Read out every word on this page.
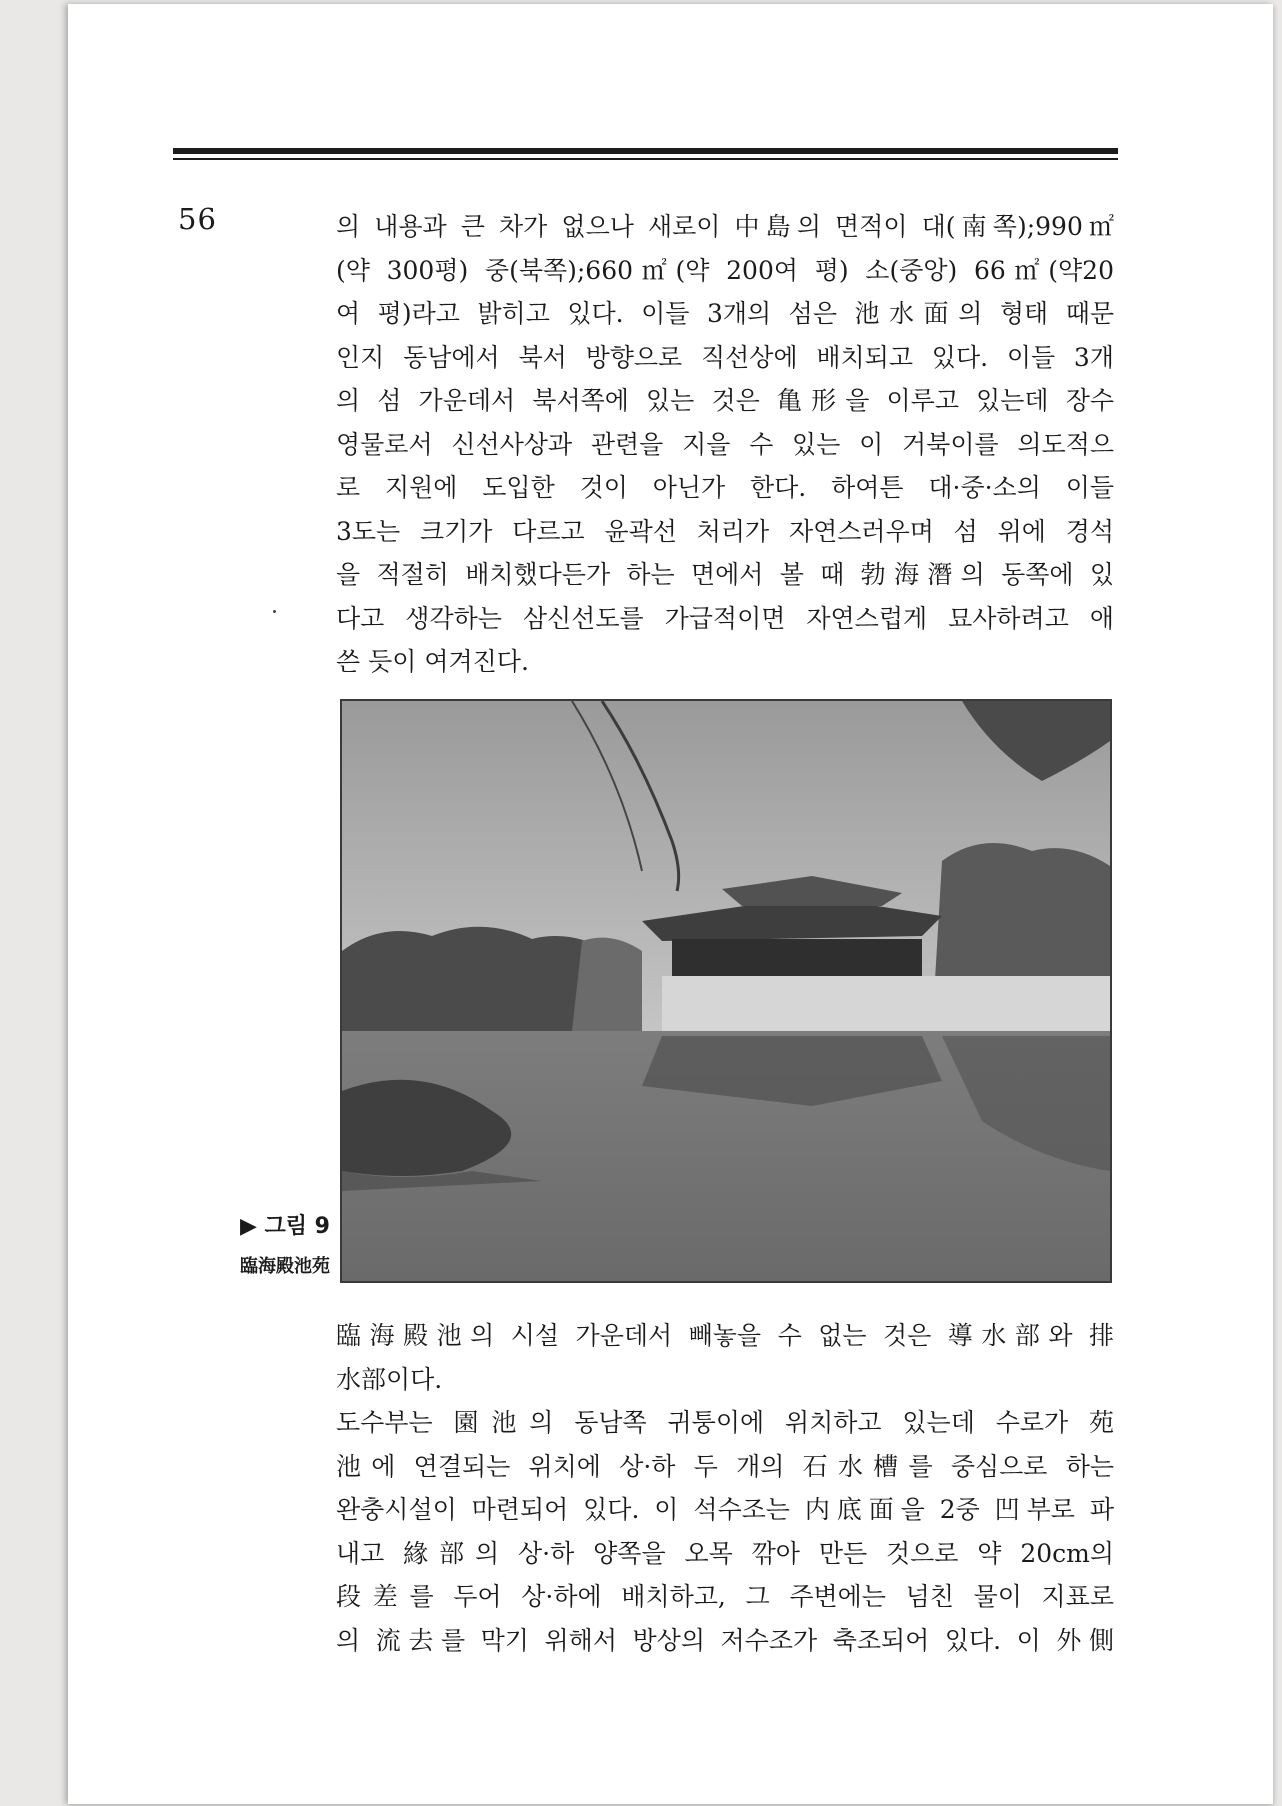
56	의 내용과 큰 차가 없으나 새로이 中島의 면적이 대(南쪽);990㎡
(약 300평) 중(북쪽);660㎡(약 200여 평) 소(중앙) 66㎡(약20
여 평)라고 밝히고 있다. 이들 3개의 섬은 池水面의 형태 때문
인지 동남에서 북서 방향으로 직선상에 배치되고 있다. 이들 3개
의 섬 가운데서 북서쪽에 있는 것은 亀形을 이루고 있는데 장수
영물로서 신선사상과 관련을 지을 수 있는 이 거북이를 의도적으
로 지원에 도입한 것이 아닌가 한다. 하여튼 대·중·소의 이들
3도는 크기가 다르고 윤곽선 처리가 자연스러우며 섬 위에 경석
을 적절히 배치했다든가 하는 면에서 볼 때 勃海潛의 동쪽에 있
다고 생각하는 삼신선도를 가급적이면 자연스럽게 묘사하려고 애
쓴 듯이 여겨진다.
▶ 그림 9
臨海殿池苑
臨海殿池의 시설 가운데서 빼놓을 수 없는 것은 導水部와 排
水部이다.
도수부는 園池의 동남쪽 귀퉁이에 위치하고 있는데 수로가 苑
池에 연결되는 위치에 상·하 두 개의 石水槽를 중심으로 하는
완충시설이 마련되어 있다. 이 석수조는 内底面을 2중 凹부로 파
내고 緣部의 상·하 양쪽을 오목 깎아 만든 것으로 약 20cm의
段差를 두어 상·하에 배치하고, 그 주변에는 넘친 물이 지표로
의 流去를 막기 위해서 방상의 저수조가 축조되어 있다. 이 外側
